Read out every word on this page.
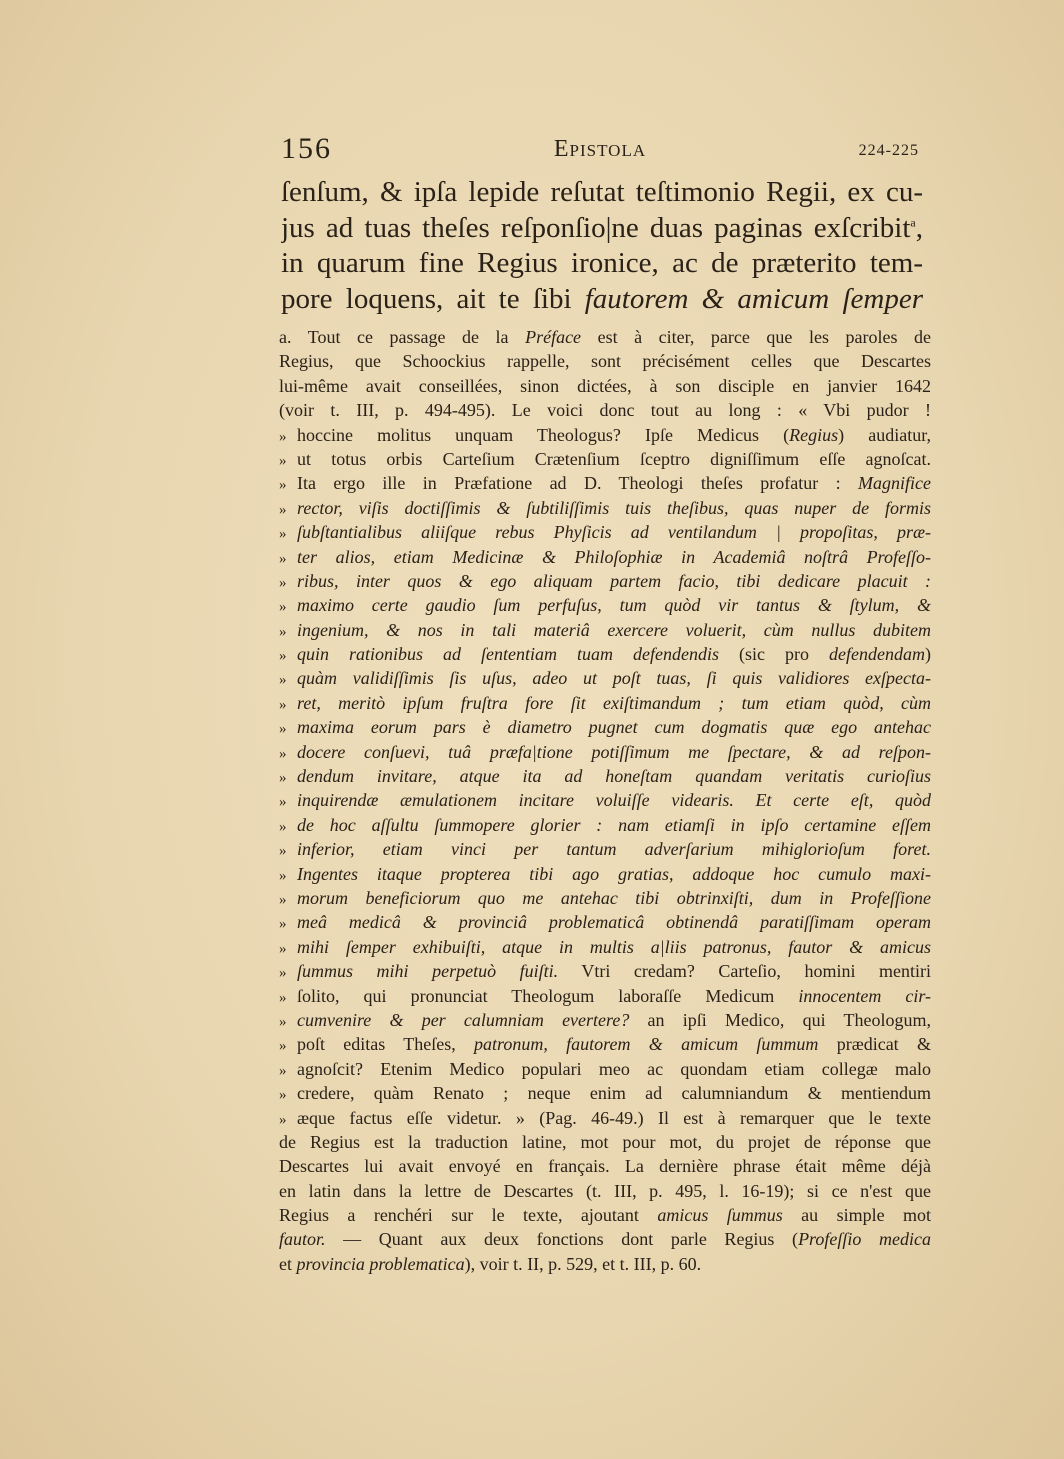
156	Epistola	224-225
ſenſum, & ipſa lepide reſutat teſtimonio Regii, ex cu-
jus ad tuas theſes reſponſio|ne duas paginas exſcribit$^a$,
in quarum fine Regius ironice, ac de præterito tem-
pore loquens, ait te ſibi fautorem & amicum ſemper
a. Tout ce passage de la Préface est à citer, parce que les paroles de
Regius, que Schoockius rappelle, sont précisément celles que Descartes
lui-même avait conseillées, sinon dictées, à son disciple en janvier 1642
(voir t. III, p. 494-495). Le voici donc tout au long : « Vbi pudor !
» hoccine molitus unquam Theologus? Ipſe Medicus (Regius) audiatur,
» ut totus orbis Carteſium Crætenſium ſceptro digniſſimum eſſe agnoſcat.
» Ita ergo ille in Præfatione ad D. Theologi theſes profatur : Magnifice
» rector, viſis doctiſſimis & ſubtiliſſimis tuis theſibus, quas nuper de formis
» ſubſtantialibus aliiſque rebus Phyſicis ad ventilandum | propoſitas, præ-
» ter alios, etiam Medicinæ & Philoſophiæ in Academiâ noſtrâ Profeſſo-
» ribus, inter quos & ego aliquam partem facio, tibi dedicare placuit :
» maximo certe gaudio ſum perfuſus, tum quòd vir tantus & ſtylum, &
» ingenium, & nos in tali materiâ exercere voluerit, cùm nullus dubitem
» quin rationibus ad ſententiam tuam defendendis (sic pro defendendam)
» quàm validiſſimis ſis uſus, adeo ut poſt tuas, ſi quis validiores exſpecta-
» ret, meritò ipſum fruſtra fore ſit exiſtimandum ; tum etiam quòd, cùm
» maxima eorum pars è diametro pugnet cum dogmatis quæ ego antehac
» docere conſuevi, tuâ præfa|tione potiſſimum me ſpectare, & ad reſpon-
» dendum invitare, atque ita ad honeſtam quandam veritatis curioſius
» inquirendæ æmulationem incitare voluiſſe videaris. Et certe eſt, quòd
» de hoc aſſultu ſummopere glorier : nam etiamſi in ipſo certamine eſſem
» inferior, etiam vinci per tantum adverſarium mihiglorioſum foret.
» Ingentes itaque propterea tibi ago gratias, addoque hoc cumulo maxi-
» morum beneficiorum quo me antehac tibi obtrinxiſti, dum in Profeſſione
» meâ medicâ & provinciâ problematicâ obtinendâ paratiſſimam operam
» mihi ſemper exhibuiſti, atque in multis a|liis patronus, fautor & amicus
» ſummus mihi perpetuò fuiſti. Vtri credam? Carteſio, homini mentiri
» ſolito, qui pronunciat Theologum laboraſſe Medicum innocentem cir-
» cumvenire & per calumniam evertere? an ipſi Medico, qui Theologum,
» poſt editas Theſes, patronum, fautorem & amicum ſummum prædicat &
» agnoſcit? Etenim Medico populari meo ac quondam etiam collegæ malo
» credere, quàm Renato ; neque enim ad calumniandum & mentiendum
» æque factus eſſe videtur. » (Pag. 46-49.) Il est à remarquer que le texte
de Regius est la traduction latine, mot pour mot, du projet de réponse que
Descartes lui avait envoyé en français. La dernière phrase était même déjà
en latin dans la lettre de Descartes (t. III, p. 495, l. 16-19); si ce n'est que
Regius a renchéri sur le texte, ajoutant amicus ſummus au simple mot
fautor. — Quant aux deux fonctions dont parle Regius (Profeſſio medica
et provincia problematica), voir t. II, p. 529, et t. III, p. 60.
